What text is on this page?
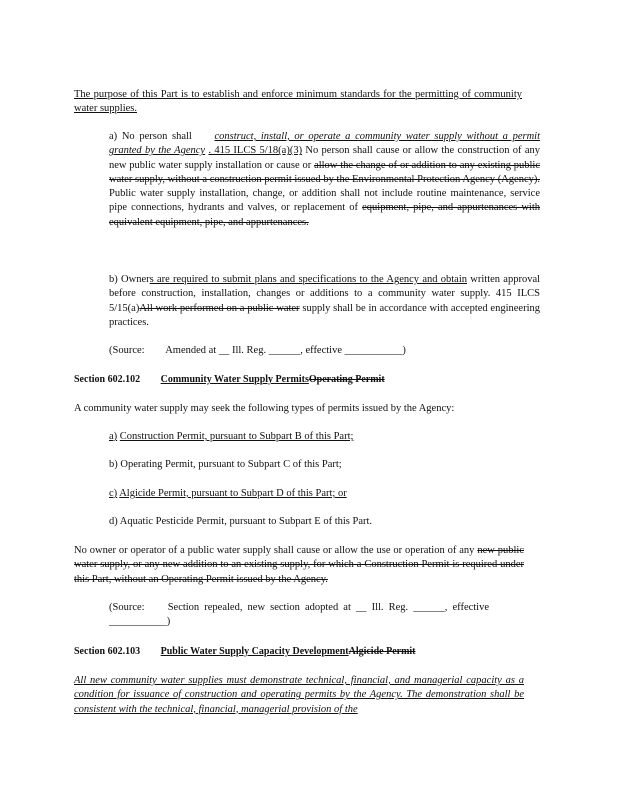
The purpose of this Part is to establish and enforce minimum standards for the permitting of community water supplies.
a) No person shall construct, install, or operate a community water supply without a permit granted by the Agency . 415 ILCS 5/18(a)(3) No person shall cause or allow the construction of any new public water supply installation or cause or allow the change of or addition to any existing public water supply, without a construction permit issued by the Environmental Protection Agency (Agency). Public water supply installation, change, or addition shall not include routine maintenance, service pipe connections, hydrants and valves, or replacement of equipment, pipe, and appurtenances with equivalent equipment, pipe, and appurtenances.
b) Owners are required to submit plans and specifications to the Agency and obtain written approval before construction, installation, changes or additions to a community water supply. 415 ILCS 5/15(a)All work performed on a public water supply shall be in accordance with accepted engineering practices.
(Source: Amended at __ Ill. Reg. ______, effective ___________)
Section 602.102 Community Water Supply PermitsOperating Permit
A community water supply may seek the following types of permits issued by the Agency:
a) Construction Permit, pursuant to Subpart B of this Part;
b) Operating Permit, pursuant to Subpart C of this Part;
c) Algicide Permit, pursuant to Subpart D of this Part; or
d) Aquatic Pesticide Permit, pursuant to Subpart E of this Part.
No owner or operator of a public water supply shall cause or allow the use or operation of any new public water supply, or any new addition to an existing supply, for which a Construction Permit is required under this Part, without an Operating Permit issued by the Agency.
(Source: Section repealed, new section adopted at __ Ill. Reg. ______, effective ___________)
Section 602.103 Public Water Supply Capacity DevelopmentAlgicide Permit
All new community water supplies must demonstrate technical, financial, and managerial capacity as a condition for issuance of construction and operating permits by the Agency. The demonstration shall be consistent with the technical, financial, managerial provision of the
